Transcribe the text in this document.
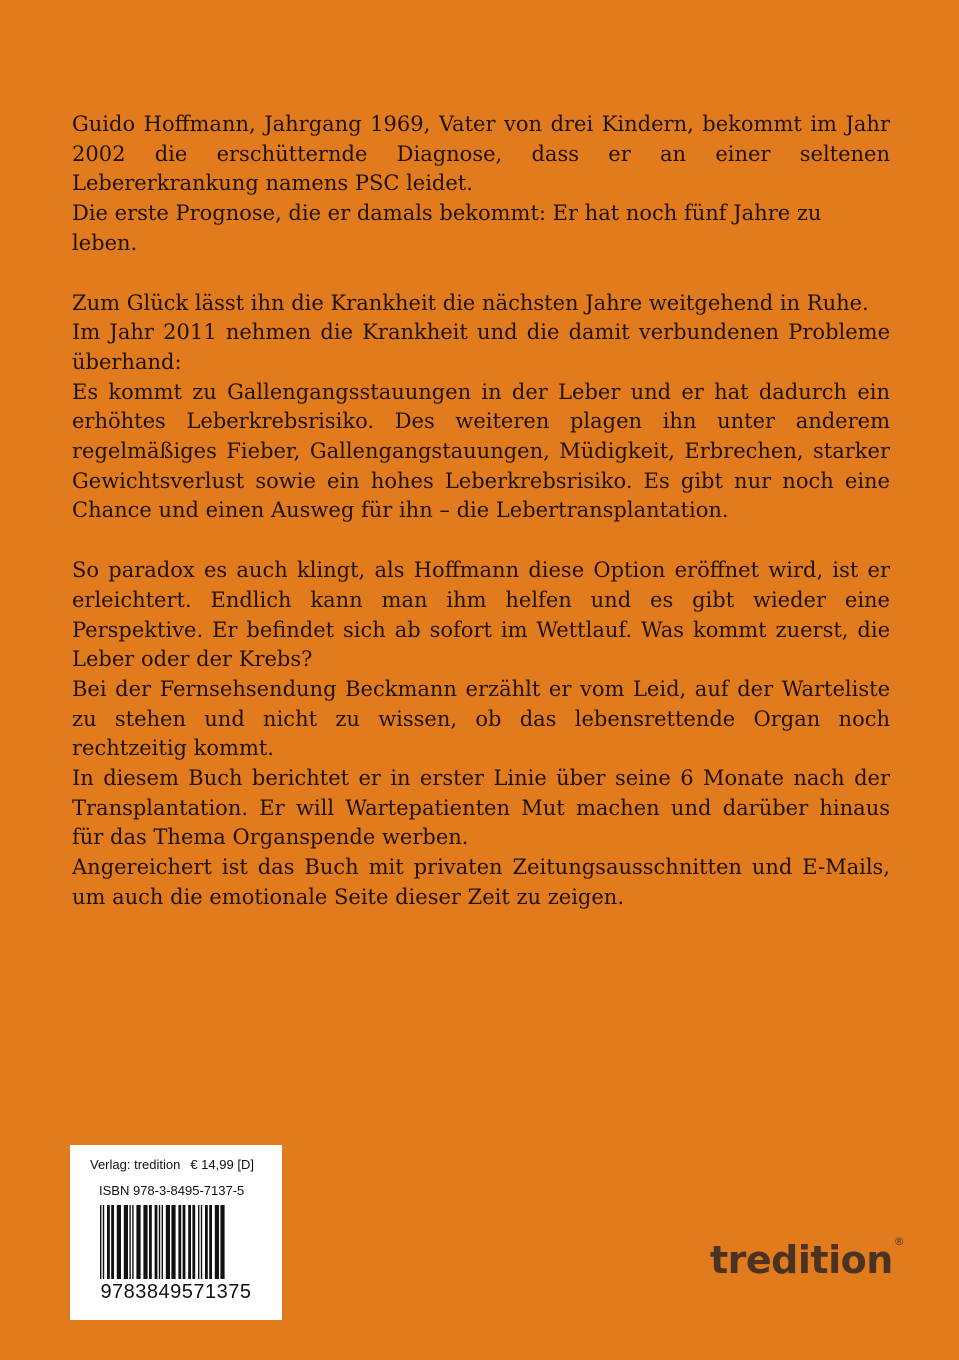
Guido Hoffmann, Jahrgang 1969, Vater von drei Kindern, bekommt im Jahr 2002 die erschütternde Diagnose, dass er an einer seltenen Lebererkrankung namens PSC leidet.

Die erste Prognose, die er damals bekommt: Er hat noch fünf Jahre zu leben.

Zum Glück lässt ihn die Krankheit die nächsten Jahre weitgehend in Ruhe.

Im Jahr 2011 nehmen die Krankheit und die damit verbundenen Probleme überhand:

Es kommt zu Gallengangsstauungen in der Leber und er hat dadurch ein erhöhtes Leberkrebsrisiko. Des weiteren plagen ihn unter anderem regelmäßiges Fieber, Gallengangstauungen, Müdigkeit, Erbrechen, starker Gewichtsverlust sowie ein hohes Leberkrebsrisiko. Es gibt nur noch eine Chance und einen Ausweg für ihn – die Lebertransplantation.

So paradox es auch klingt, als Hoffmann diese Option eröffnet wird, ist er erleichtert. Endlich kann man ihm helfen und es gibt wieder eine Perspektive. Er befindet sich ab sofort im Wettlauf. Was kommt zuerst, die Leber oder der Krebs?

Bei der Fernsehsendung Beckmann erzählt er vom Leid, auf der Warteliste zu stehen und nicht zu wissen, ob das lebensrettende Organ noch rechtzeitig kommt.

In diesem Buch berichtet er in erster Linie über seine 6 Monate nach der Transplantation. Er will Wartepatienten Mut machen und darüber hinaus für das Thema Organspende werben.

Angereichert ist das Buch mit privaten Zeitungsausschnitten und E-Mails, um auch die emotionale Seite dieser Zeit zu zeigen.

Verlag: tredition € 14,99 [D]
ISBN 978-3-8495-7137-5
9783849571375
tredition®
